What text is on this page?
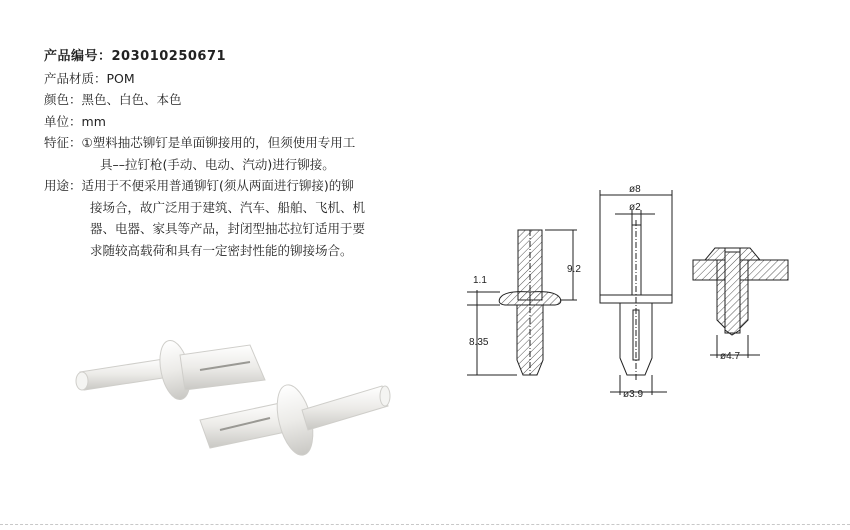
产品编号：203010250671
产品材质： POM
颜色： 黑色、白色、本色
单位： mm
特征： ①塑料抽芯铆钉是单面铆接用的，但须使用专用工
具––拉钉枪(手动、电动、汽动)进行铆接。
用途： 适用于不便采用普通铆钉(须从两面进行铆接)的铆
接场合，故广泛用于建筑、汽车、船舶、飞机、机
器、电器、家具等产品，封闭型抽芯拉钉适用于要
求随较高载荷和具有一定密封性能的铆接场合。
9.2
1.1
8.35
ø8
ø2
ø3.9
ø4.7
